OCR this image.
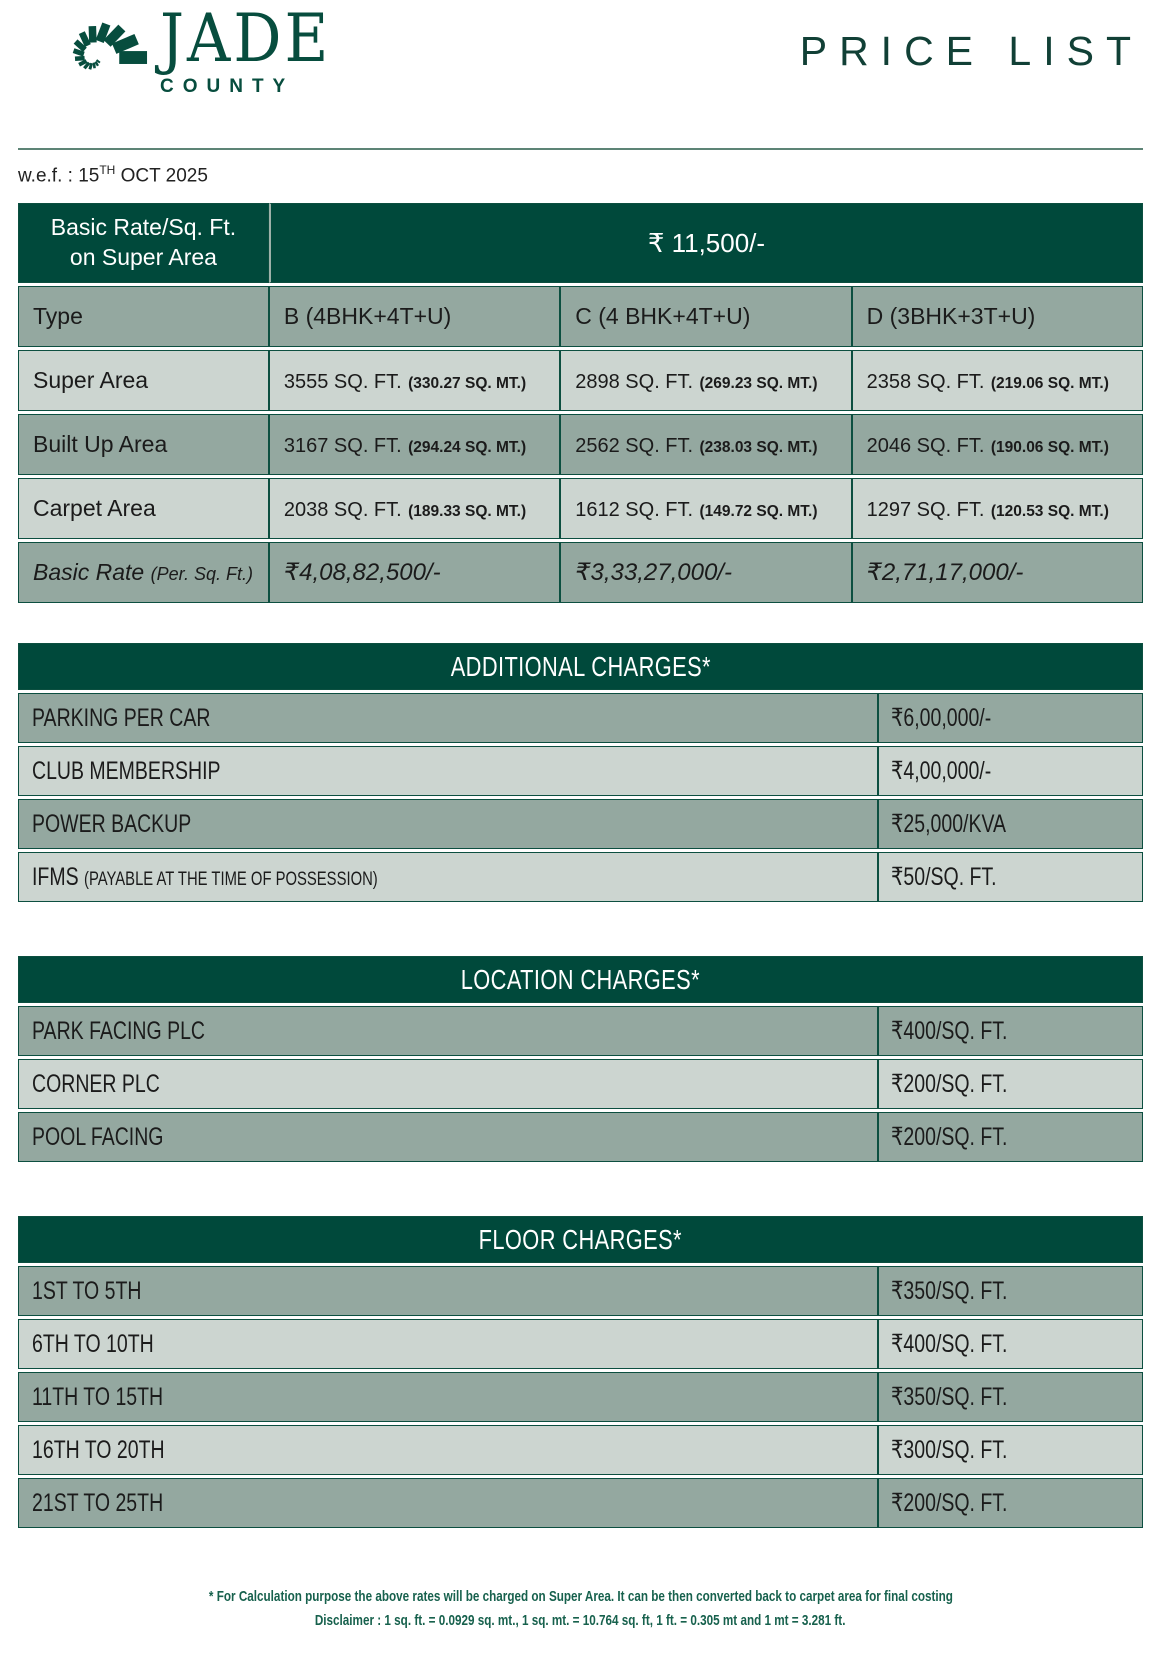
JADE
COUNTY
PRICE LIST
w.e.f. : 15TH OCT 2025
Basic Rate/Sq. Ft.
on Super Area	₹ 11,500/-		
Type	B (4BHK+4T+U)	C (4 BHK+4T+U)	D (3BHK+3T+U)
Super Area	3555 SQ. FT. (330.27 SQ. MT.)	2898 SQ. FT. (269.23 SQ. MT.)	2358 SQ. FT. (219.06 SQ. MT.)
Built Up Area	3167 SQ. FT. (294.24 SQ. MT.)	2562 SQ. FT. (238.03 SQ. MT.)	2046 SQ. FT. (190.06 SQ. MT.)
Carpet Area	2038 SQ. FT. (189.33 SQ. MT.)	1612 SQ. FT. (149.72 SQ. MT.)	1297 SQ. FT. (120.53 SQ. MT.)
Basic Rate (Per. Sq. Ft.)	₹4,08,82,500/-	₹3,33,27,000/-	₹2,71,17,000/-
ADDITIONAL CHARGES*	
PARKING PER CAR	₹6,00,000/-
CLUB MEMBERSHIP	₹4,00,000/-
POWER BACKUP	₹25,000/KVA
IFMS (PAYABLE AT THE TIME OF POSSESSION)	₹50/SQ. FT.
LOCATION CHARGES*	
PARK FACING PLC	₹400/SQ. FT.
CORNER PLC	₹200/SQ. FT.
POOL FACING	₹200/SQ. FT.
FLOOR CHARGES*	
1ST TO 5TH	₹350/SQ. FT.
6TH TO 10TH	₹400/SQ. FT.
11TH TO 15TH	₹350/SQ. FT.
16TH TO 20TH	₹300/SQ. FT.
21ST TO 25TH	₹200/SQ. FT.
* For Calculation purpose the above rates will be charged on Super Area. It can be then converted back to carpet area for final costing
Disclaimer : 1 sq. ft. = 0.0929 sq. mt., 1 sq. mt. = 10.764 sq. ft, 1 ft. = 0.305 mt and 1 mt = 3.281 ft.
